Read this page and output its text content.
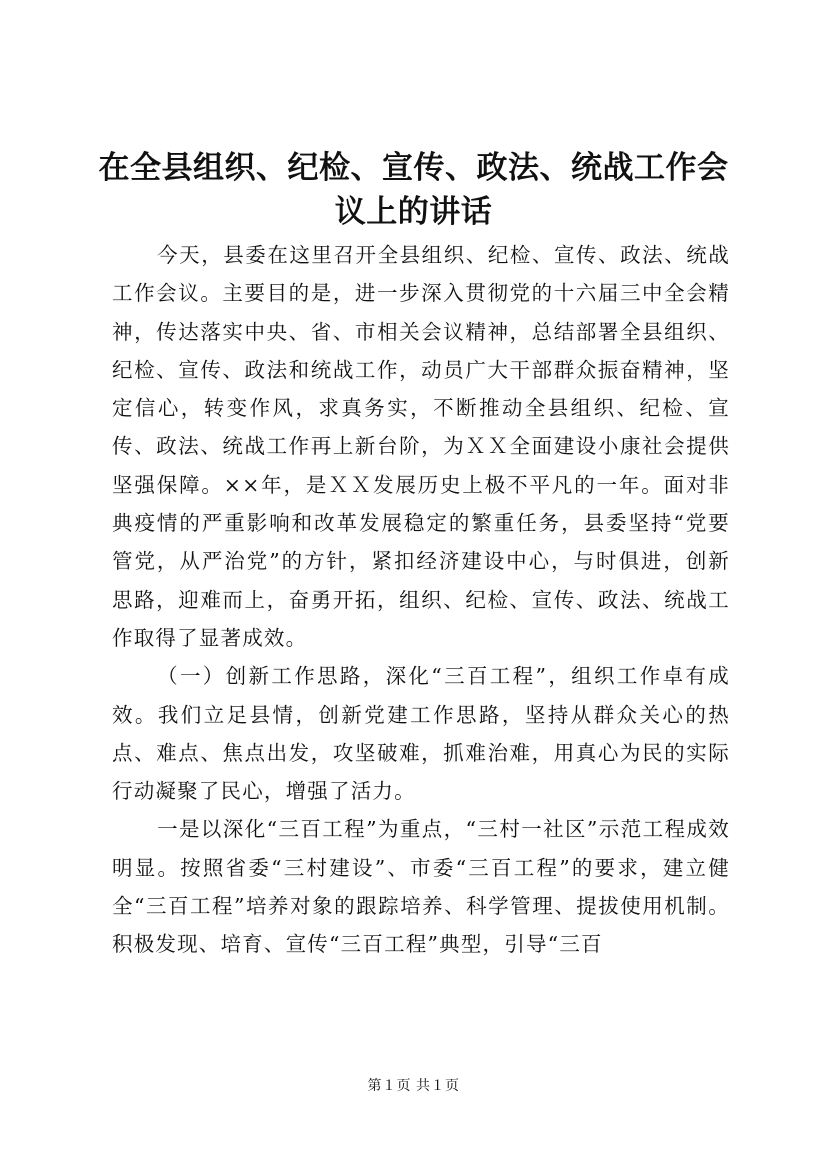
在全县组织、纪检、宣传、政法、统战工作会
议上的讲话

今天，县委在这里召开全县组织、纪检、宣传、政法、统战工作会议。主要目的是，进一步深入贯彻党的十六届三中全会精神，传达落实中央、省、市相关会议精神，总结部署全县组织、纪检、宣传、政法和统战工作，动员广大干部群众振奋精神，坚定信心，转变作风，求真务实，不断推动全县组织、纪检、宣传、政法、统战工作再上新台阶，为ＸＸ全面建设小康社会提供坚强保障。××年，是ＸＸ发展历史上极不平凡的一年。面对非典疫情的严重影响和改革发展稳定的繁重任务，县委坚持“党要管党，从严治党”的方针，紧扣经济建设中心，与时俱进，创新思路，迎难而上，奋勇开拓，组织、纪检、宣传、政法、统战工作取得了显著成效。

（一）创新工作思路，深化“三百工程”，组织工作卓有成效。我们立足县情，创新党建工作思路，坚持从群众关心的热点、难点、焦点出发，攻坚破难，抓难治难，用真心为民的实际行动凝聚了民心，增强了活力。

一是以深化“三百工程”为重点，“三村一社区”示范工程成效明显。按照省委“三村建设”、市委“三百工程”的要求，建立健全“三百工程”培养对象的跟踪培养、科学管理、提拔使用机制。积极发现、培育、宣传“三百工程”典型，引导“三百

第１页 共１页
